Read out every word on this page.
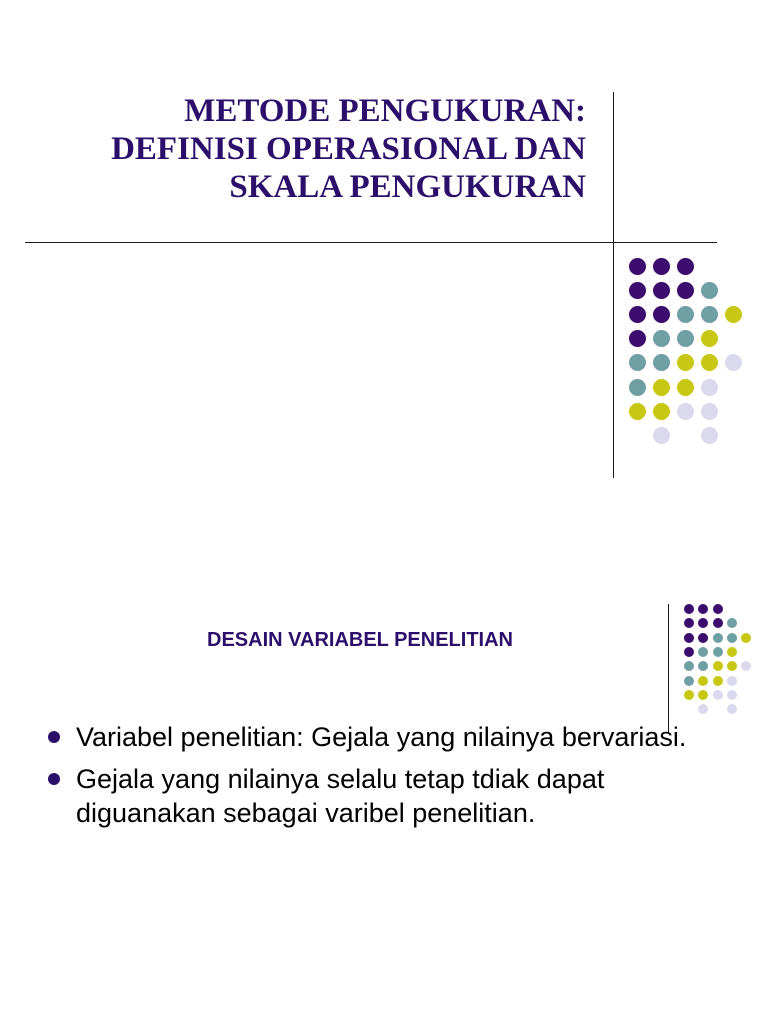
METODE PENGUKURAN:
DEFINISI OPERASIONAL DAN
SKALA PENGUKURAN
DESAIN VARIABEL PENELITIAN
Variabel penelitian: Gejala yang nilainya bervariasi.
Gejala yang nilainya selalu tetap tdiak dapat diguanakan sebagai varibel penelitian.
